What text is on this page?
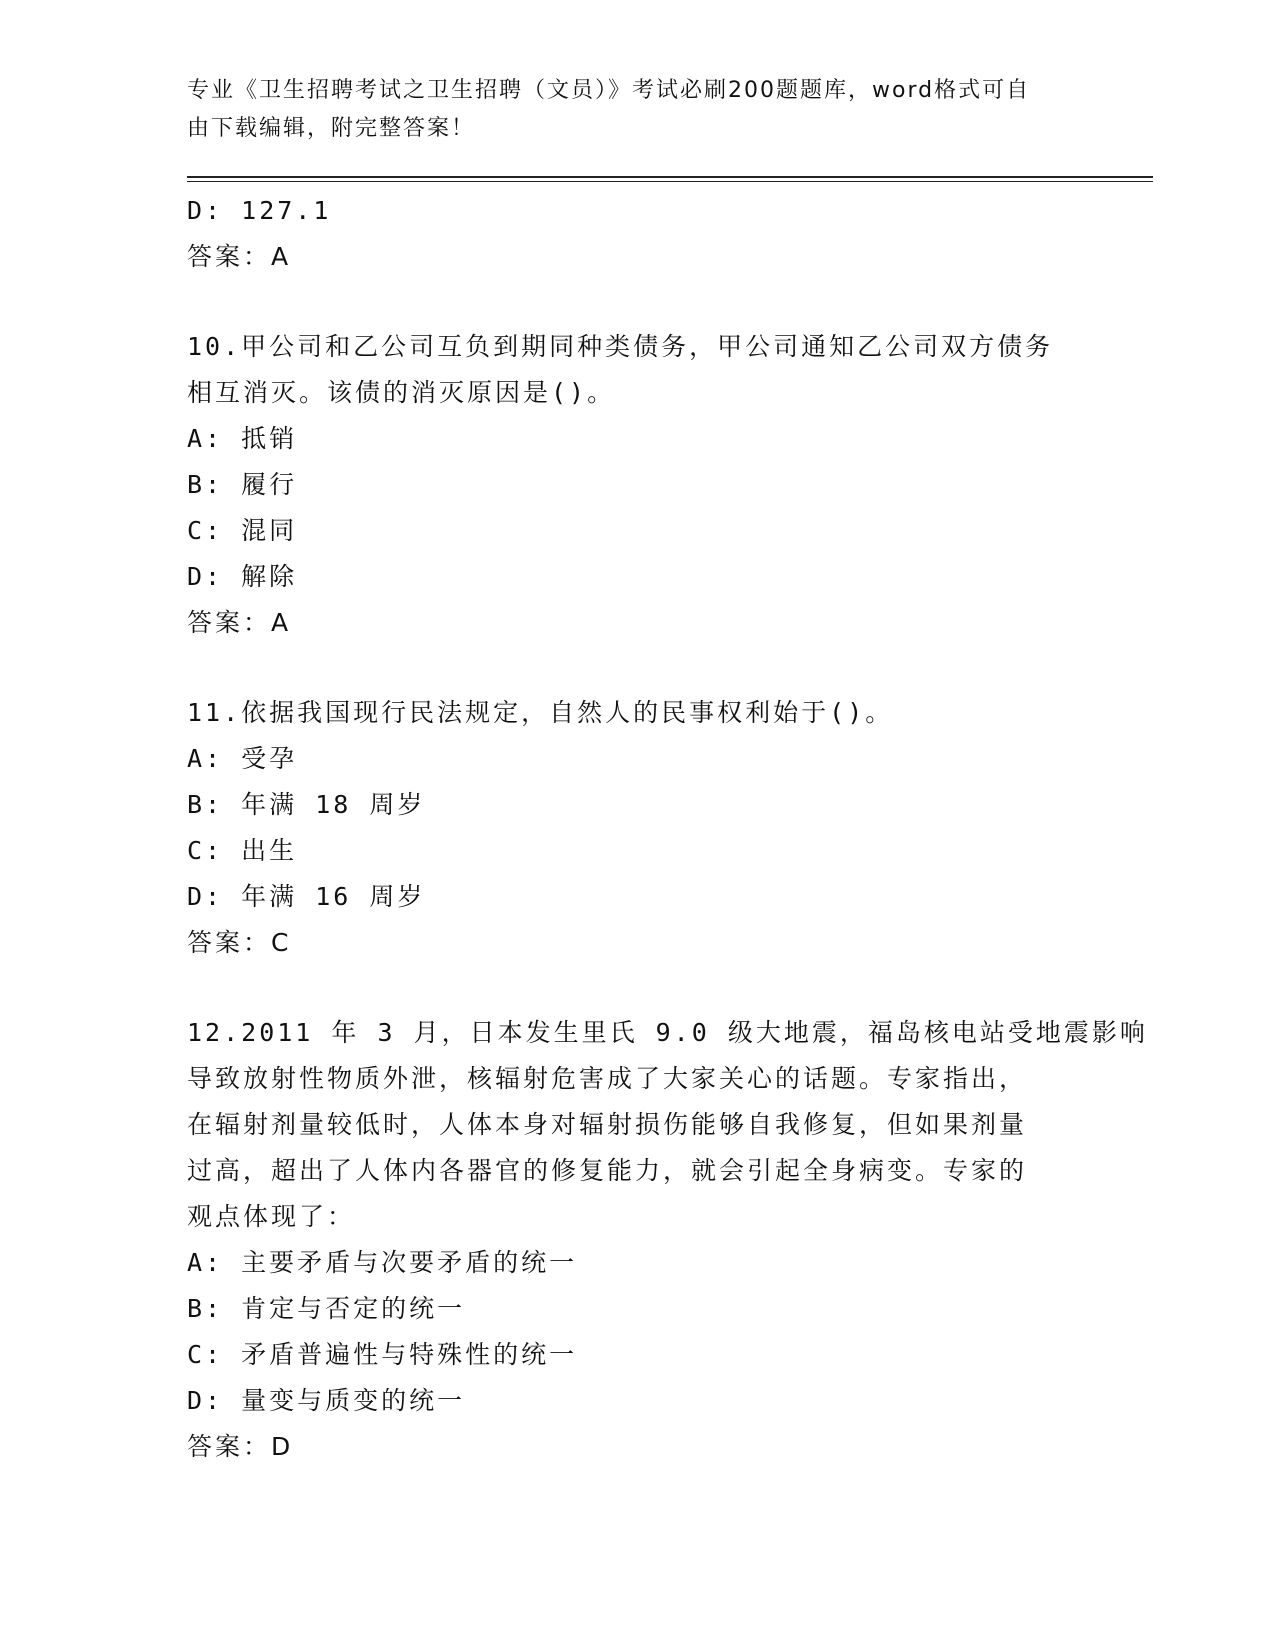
专业《卫生招聘考试之卫生招聘（文员）》考试必刷200题题库，word格式可自
由下载编辑，附完整答案！
D: 127.1
答案：A
10.甲公司和乙公司互负到期同种类债务，甲公司通知乙公司双方债务
相互消灭。该债的消灭原因是()。
A: 抵销
B: 履行
C: 混同
D: 解除
答案：A
11.依据我国现行民法规定，自然人的民事权利始于()。
A: 受孕
B: 年满 18 周岁
C: 出生
D: 年满 16 周岁
答案：C
12.2011 年 3 月，日本发生里氏 9.0 级大地震，福岛核电站受地震影响
导致放射性物质外泄，核辐射危害成了大家关心的话题。专家指出，
在辐射剂量较低时，人体本身对辐射损伤能够自我修复，但如果剂量
过高，超出了人体内各器官的修复能力，就会引起全身病变。专家的
观点体现了：
A: 主要矛盾与次要矛盾的统一
B: 肯定与否定的统一
C: 矛盾普遍性与特殊性的统一
D: 量变与质变的统一
答案：D
